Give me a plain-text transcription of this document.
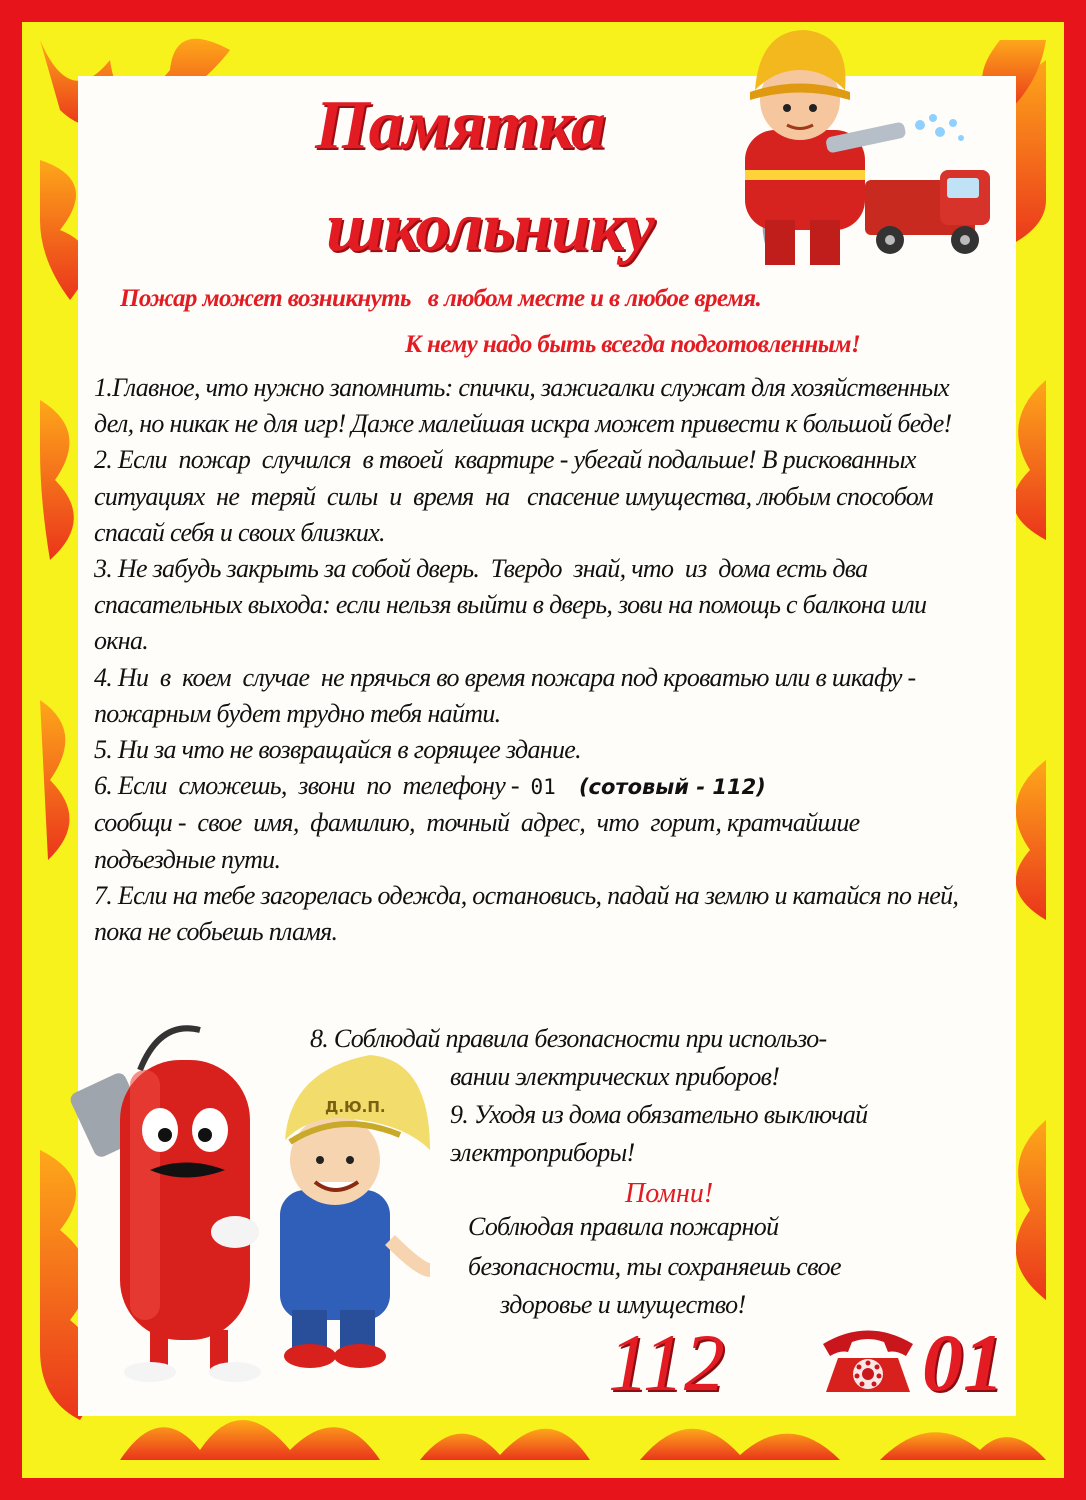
Памятка
школьнику
Пожар может возникнуть   в любом месте и в любое время.
К нему надо быть всегда подготовленным!

1.Главное, что нужно запомнить: спички, зажигалки служат для хозяйственных дел, но никак не для игр! Даже малейшая искра может привести к большой беде!

2. Если  пожар  случился  в твоей  квартире - убегай подальше! В рискованных  ситуациях  не  теряй  силы  и  время  на   спасение имущества, любым способом спасай себя и своих близких.

3. Не забудь закрыть за собой дверь.  Твердо  знай, что  из  дома есть два спасательных выхода: если нельзя выйти в дверь, зови на помощь с балкона или окна.

4. Ни  в  коем  случае  не прячься во время пожара под кроватью или в шкафу - пожарным будет трудно тебя найти.

5. Ни за что не возвращайся в горящее здание.

6. Если  сможешь,  звони  по  телефону -  01 (сотовый - 112)

сообщи -  свое  имя,  фамилию,  точный  адрес,  что  горит, кратчайшие подъездные пути.

7. Если на тебе загорелась одежда, остановись, падай на землю и катайся по ней, пока не собьешь пламя.

Д.Ю.П.
8. Соблюдай правила безопасности при использо-
вании электрических приборов!
9. Уходя из дома обязательно выключай
электроприборы!
Помни!
Соблюдая правила пожарной
безопасности, ты сохраняешь свое
здоровье и имущество!
112 01
